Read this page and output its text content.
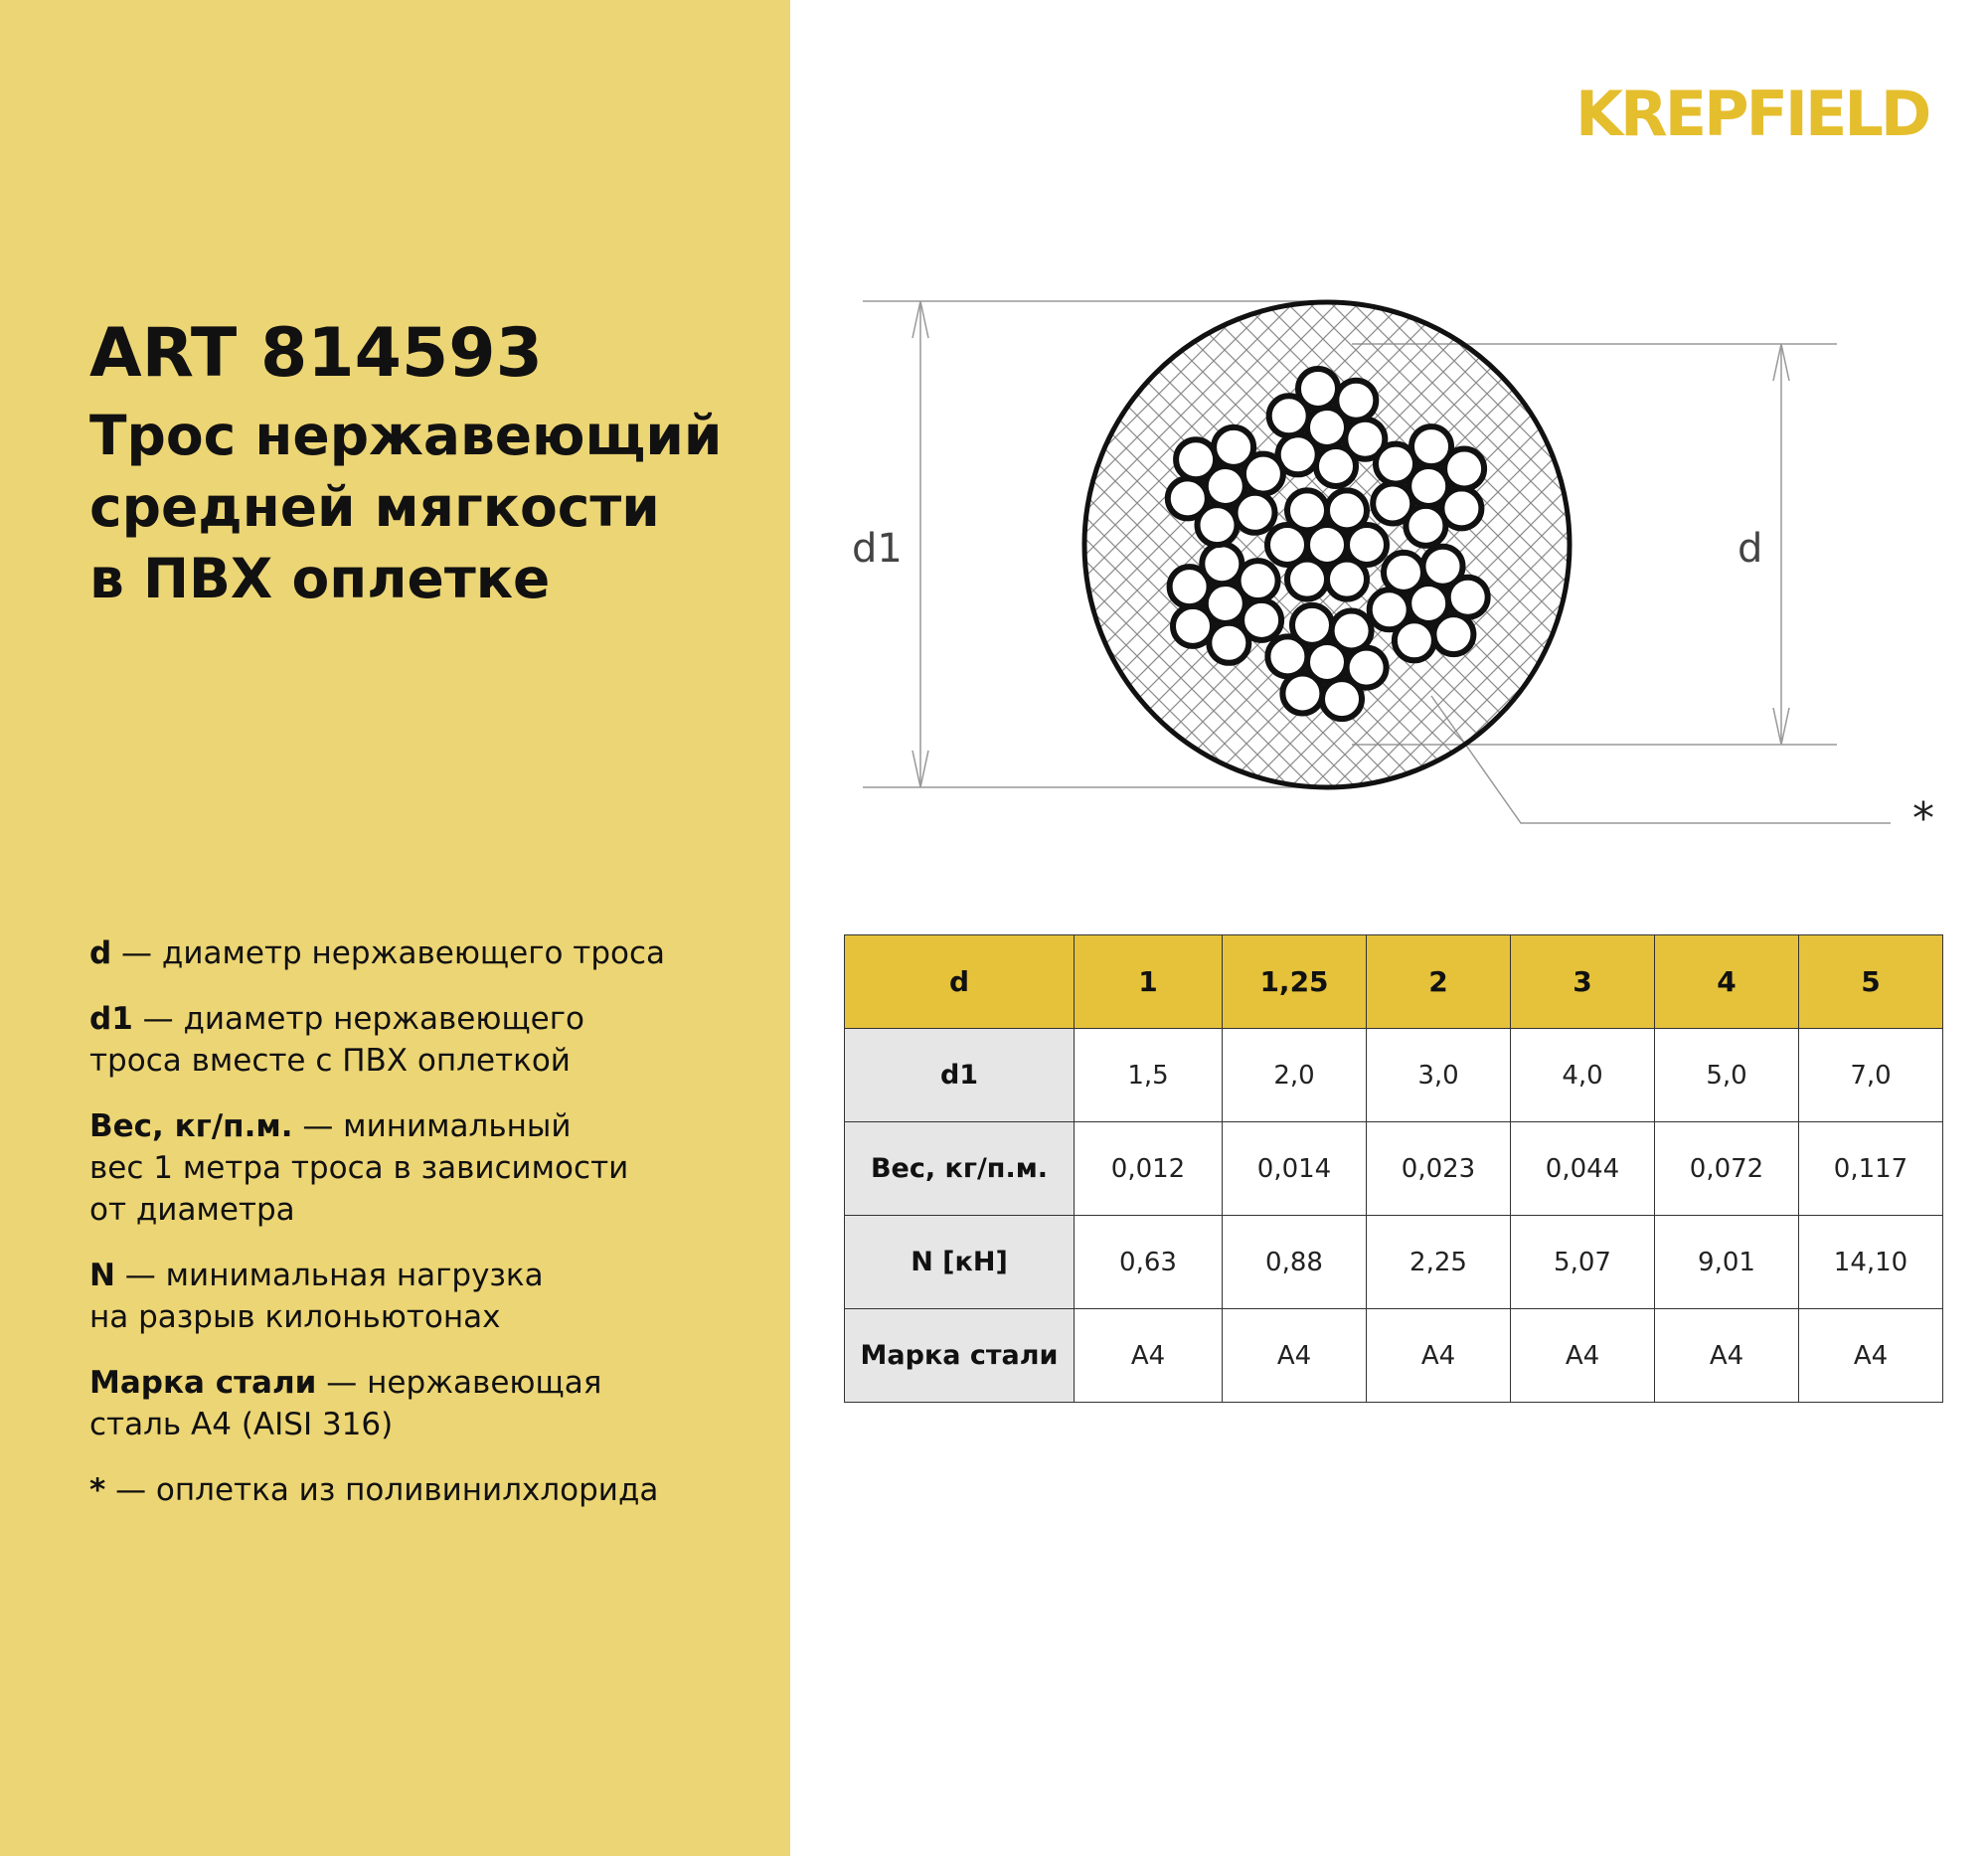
ART 814593
Трос нержавеющий
средней мягкости
в ПВХ оплетке
d — диаметр нержавеющего троса
d1 — диаметр нержавеющего
троса вместе с ПВХ оплеткой
Вес, кг/п.м. — минимальный
вес 1 метра троса в зависимости
от диаметра
N — минимальная нагрузка
на разрыв килоньютонах
Марка стали — нержавеющая
сталь А4 (AISI 316)
* — оплетка из поливинилхлорида
KREPFIELD
d1	d
*
d	1	1,25	2	3	4	5
d1	1,5	2,0	3,0	4,0	5,0	7,0
Вес, кг/п.м.	0,012	0,014	0,023	0,044	0,072	0,117
N [кН]	0,63	0,88	2,25	5,07	9,01	14,10
Марка стали	А4	А4	А4	А4	А4	А4
